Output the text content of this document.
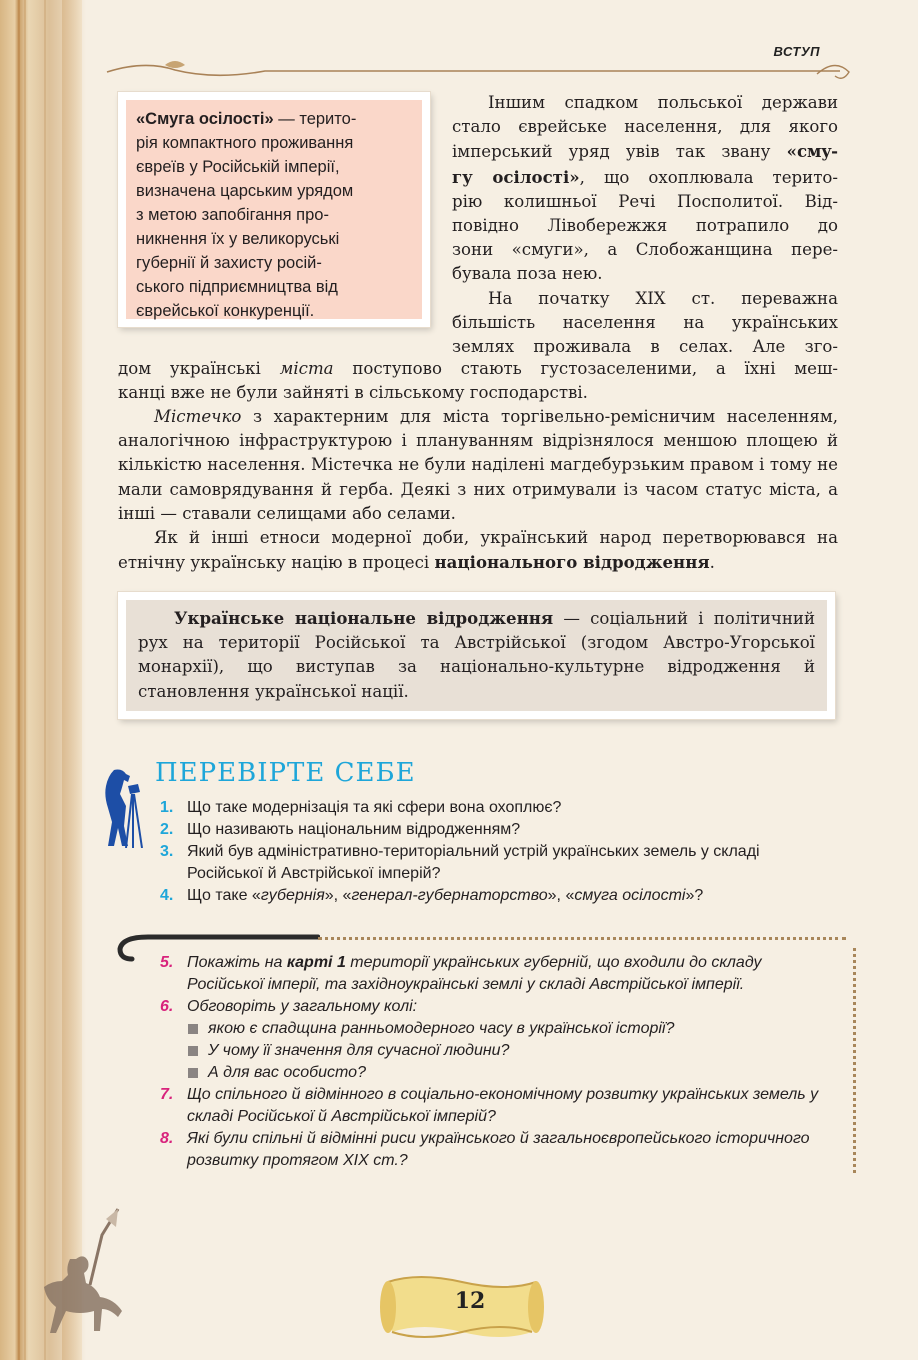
ВСТУП
«Смуга осілості» — терито-
рія компактного проживання
євреїв у Російській імперії,
визначена царським урядом
з метою запобігання про-
никнення їх у великоруські
губернії й захисту росій-
ського підприємництва від
єврейської конкуренції.
Іншим спадком польської держави
стало єврейське населення, для якого
імперський уряд увів так звану «смy-
гу осілості», що охоплювала терито-
рію колишньої Речі Посполитої. Від-
повідно Лівобережжя потрапило до
зони «смуги», а Слобожанщина пере-
бувала поза нею.
На початку XIX ст. переважна
більшість населення на українських
землях проживала в селах. Але зго-
дом українські міста поступово стають густозаселеними, а їхні меш-
канці вже не були зайняті в сільському господарстві.

Містечко з характерним для міста торгівельно-ремісничим населенням, аналогічною інфраструктурою і плануванням відрізнялося меншою площею й кількістю населення. Містечка не були наділені магдебурзьким правом і тому не мали самоврядування й герба. Деякі з них отримували із часом статус міста, а інші — ставали селищами або селами.

Як й інші етноси модерної доби, український народ перетворювався на етнічну українську націю в процесі національного відродження.

Українське національне відродження — соціальний і політичний рух на території Російської та Австрійської (згодом Австро-Угорської монархії), що виступав за національно-культурне відродження й становлення української нації.

ПЕРЕВІРТЕ СЕБЕ
1. Що таке модернізація та які сфери вона охоплює?
2. Що називають національним відродженням?
3. Який був адміністративно-територіальний устрій українських земель у складі Російської й Австрійської імперій?
4. Що таке «губернія», «генерал-губернаторство», «смуга осілості»?
5. Покажіть на карті 1 території українських губерній, що входили до складу Російської імперії, та західноукраїнські землі у складі Австрійської імперії.
6. Обговоріть у загальному колі:
якою є спадщина ранньомодерного часу в української історії?
У чому її значення для сучасної людини?
А для вас особисто?
7. Що спільного й відмінного в соціально-економічному розвитку українських земель у складі Російської й Австрійської імперій?
8. Які були спільні й відмінні риси українського й загальноєвропейського історичного розвитку протягом XIX ст.?
12
